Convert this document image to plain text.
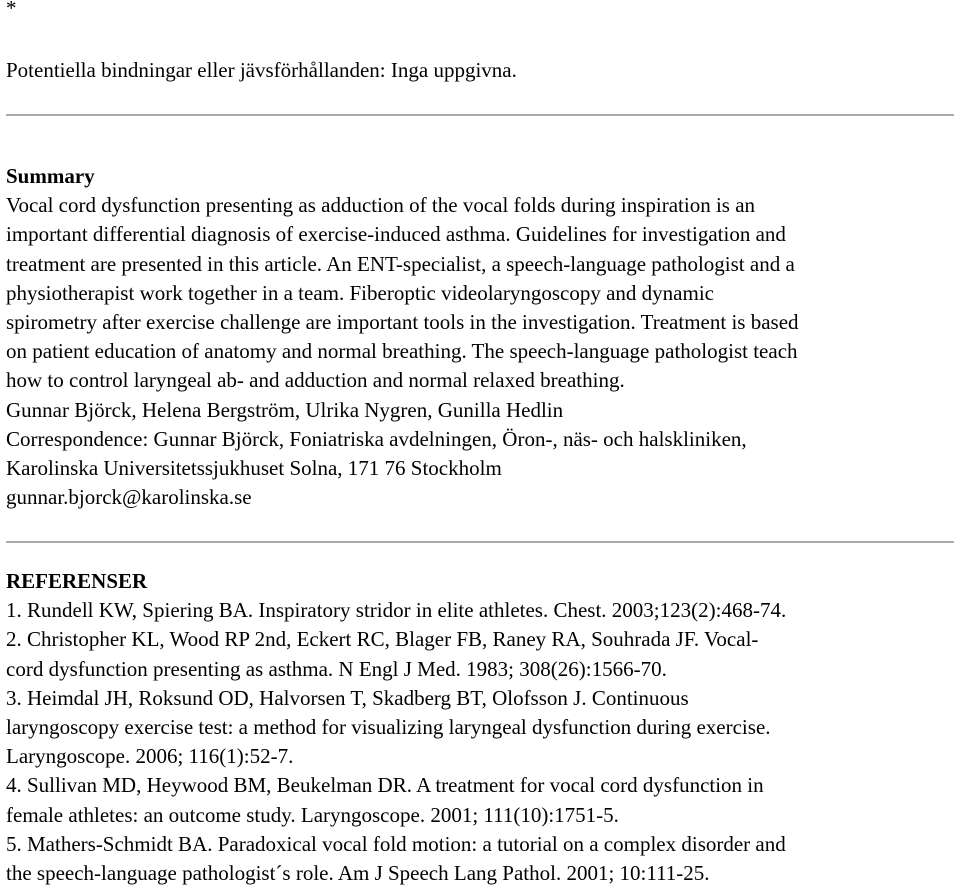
*
Potentiella bindningar eller jävsförhållanden: Inga uppgivna.
Summary
Vocal cord dysfunction presenting as adduction of the vocal folds during inspiration is an
important differential diagnosis of exercise-induced asthma. Guidelines for investigation and
treatment are presented in this article. An ENT-specialist, a speech-language pathologist and a
physiotherapist work together in a team. Fiberoptic videolaryngoscopy and dynamic
spirometry after exercise challenge are important tools in the investigation. Treatment is based
on patient education of anatomy and normal breathing. The speech-language pathologist teach
how to control laryngeal ab- and adduction and normal relaxed breathing.
Gunnar Björck, Helena Bergström, Ulrika Nygren, Gunilla Hedlin
Correspondence: Gunnar Björck, Foniatriska avdelningen, Öron-, näs- och halskliniken,
Karolinska Universitetssjukhuset Solna, 171 76 Stockholm
gunnar.bjorck@karolinska.se
REFERENSER
1. Rundell KW, Spiering BA. Inspiratory stridor in elite athletes. Chest. 2003;123(2):468-74.
2. Christopher KL, Wood RP 2nd, Eckert RC, Blager FB, Raney RA, Souhrada JF. Vocal-
cord dysfunction presenting as asthma. N Engl J Med. 1983; 308(26):1566-70.
3. Heimdal JH, Roksund OD, Halvorsen T, Skadberg BT, Olofsson J. Continuous
laryngoscopy exercise test: a method for visualizing laryngeal dysfunction during exercise.
Laryngoscope. 2006; 116(1):52-7.
4. Sullivan MD, Heywood BM, Beukelman DR. A treatment for vocal cord dysfunction in
female athletes: an outcome study. Laryngoscope. 2001; 111(10):1751-5.
5. Mathers-Schmidt BA. Paradoxical vocal fold motion: a tutorial on a complex disorder and
the speech-language pathologist´s role. Am J Speech Lang Pathol. 2001; 10:111-25.
